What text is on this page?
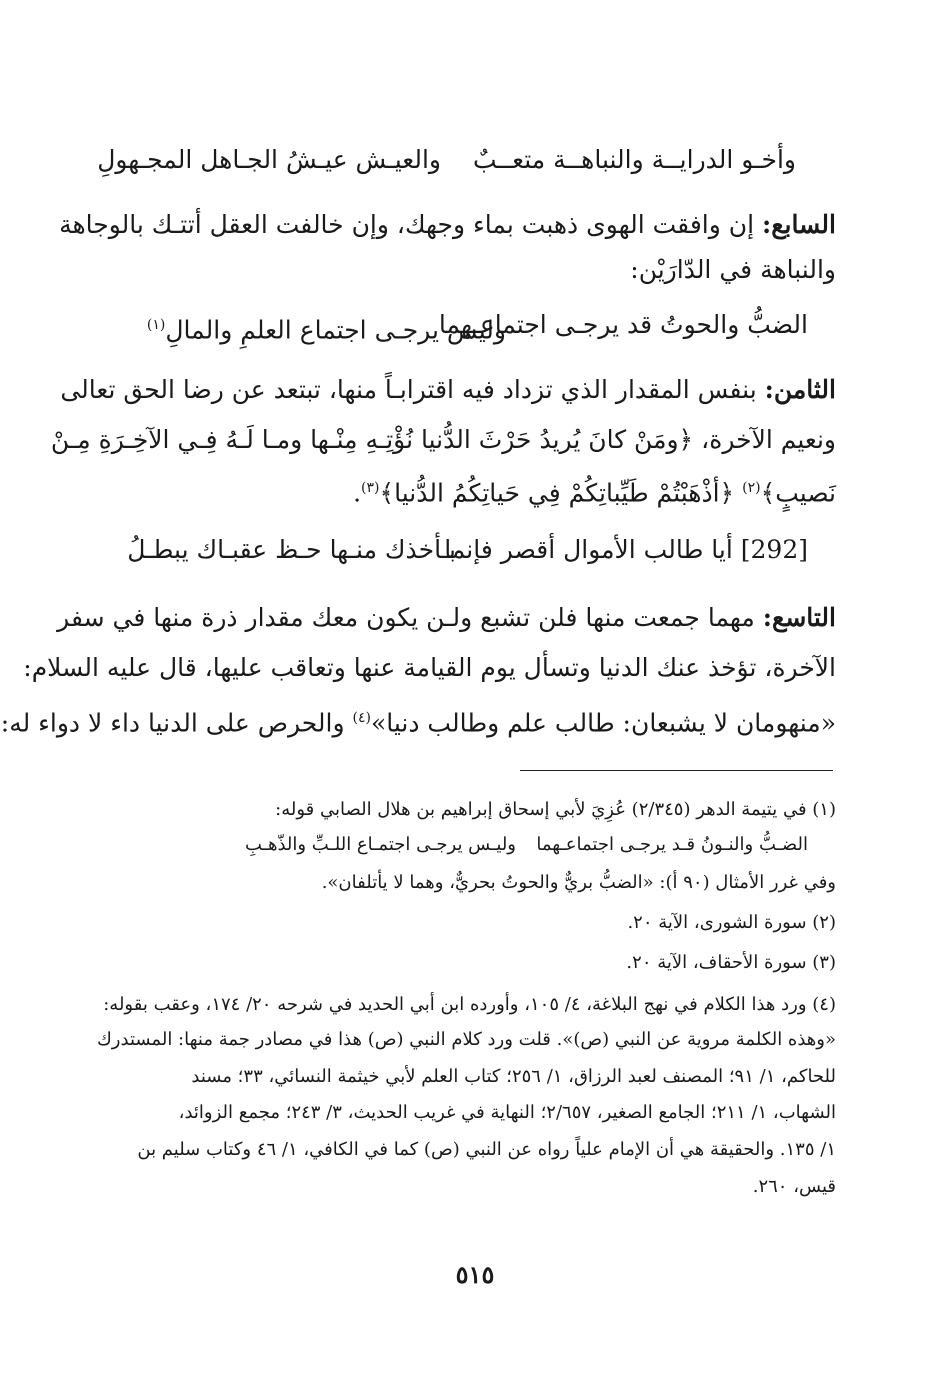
وأخـو الدرايــة والنباهــة متعــبٌ
والعيـش عيـشُ الجـاهل المجـهولِ
السابع: إن وافقت الهوى ذهبت بماء وجهك، وإن خالفت العقل أتتـك بالوجاهة
والنباهة في الدّارَيْن:
الضبُّ والحوتُ قد يرجـى اجتماعـهما
وليس يرجـى اجتماع العلمِ والمالِ$^{(١)}$
الثامن: بنفس المقدار الذي تزداد فيه اقترابـاً منها، تبتعد عن رضا الحق تعالى
ونعيم الآخرة، ﴿ومَنْ كانَ يُريدُ حَرْثَ الدُّنيا نُؤْتِـهِ مِنْـها ومـا لَـهُ فِـي الآخِـرَةِ مِـنْ
نَصيبٍ﴾$^{(٢)}$ ﴿أذْهَبْتُمْ طَيِّباتِكُمْ فِي حَياتِكُمُ الدُّنيا﴾$^{(٣)}$.
[292] أيا طالب الأموال أقصر فإنما
بـأخذك منـها حـظ عقبـاك يبطـلُ
التاسع: مهما جمعت منها فلن تشبع ولـن يكون معك مقدار ذرة منها في سفر
الآخرة، تؤخذ عنك الدنيا وتسأل يوم القيامة عنها وتعاقب عليها، قال عليه السلام:
«منهومان لا يشبعان: طالب علم وطالب دنيا»$^{(٤)}$ والحرص على الدنيا داء لا دواء له:
(١) في يتيمة الدهر (٢/٣٤٥) عُزِيَ لأبي إسحاق إبراهيم بن هلال الصابي قوله:
الضـبُّ والنـونُ قـد يرجـى اجتماعـهما
وليـس يرجـى اجتمـاع اللـبِّ والذّهـبِ
وفي غرر الأمثال (٩٠ أ): «الضبُّ بريٌّ والحوتُ بحريٌّ، وهما لا يأتلفان».
(٢) سورة الشورى، الآية ٢٠.
(٣) سورة الأحقاف، الآية ٢٠.
(٤) ورد هذا الكلام في نهج البلاغة، ٤/ ١٠٥، وأورده ابن أبي الحديد في شرحه ٢٠/ ١٧٤، وعقب بقوله:
«وهذه الكلمة مروية عن النبي (ص)». قلت ورد كلام النبي (ص) هذا في مصادر جمة منها: المستدرك
للحاكم، ١/ ٩١؛ المصنف لعبد الرزاق، ١/ ٢٥٦؛ كتاب العلم لأبي خيثمة النسائي، ٣٣؛ مسند
الشهاب، ١/ ٢١١؛ الجامع الصغير، ٢/٦٥٧؛ النهاية في غريب الحديث، ٣/ ٢٤٣؛ مجمع الزوائد،
١/ ١٣٥. والحقيقة هي أن الإمام علياً رواه عن النبي (ص) كما في الكافي، ١/ ٤٦ وكتاب سليم بن
قيس، ٢٦٠.
٥١٥
